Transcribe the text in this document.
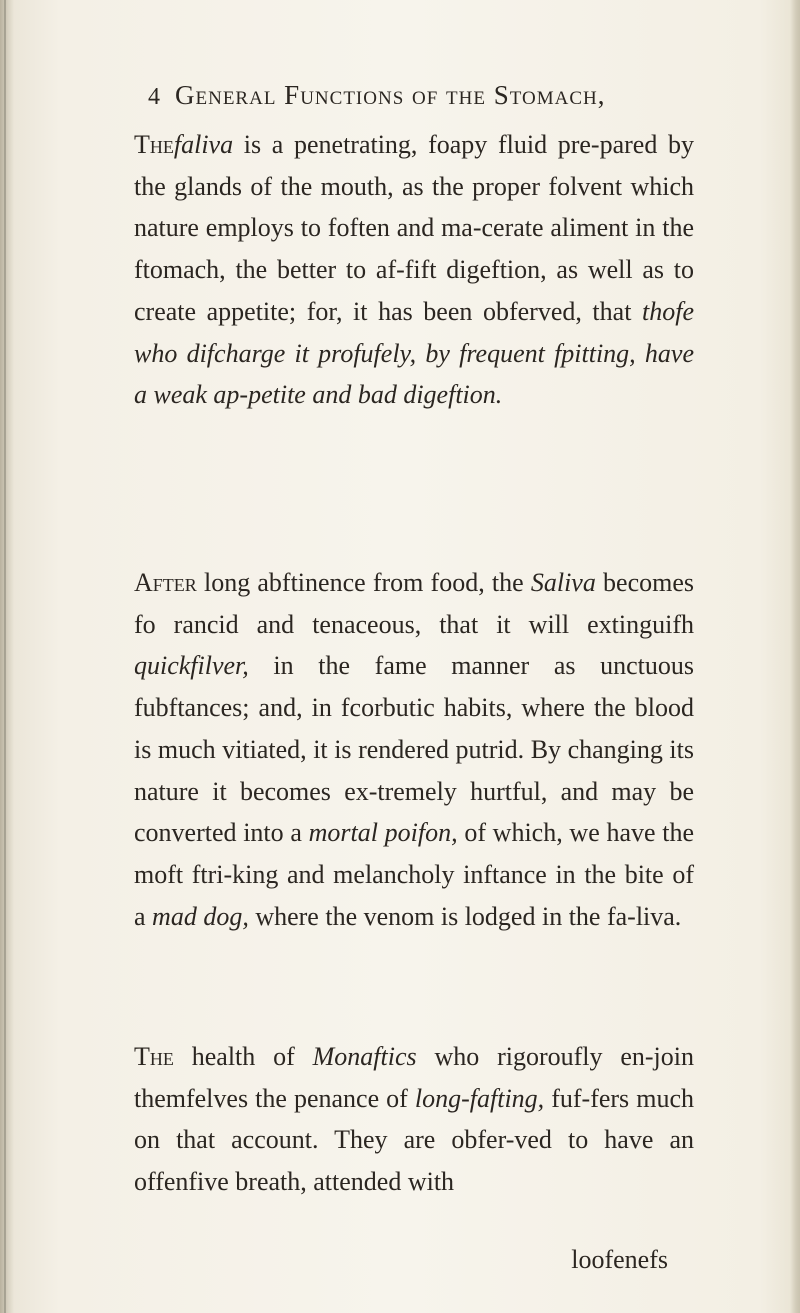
4 General Functions of the Stomach,
Thefaliva is a penetrating, foapy fluid pre-pared by the glands of the mouth, as the proper folvent which nature employs to foften and ma-cerate aliment in the ftomach, the better to af-fift digeftion, as well as to create appetite; for, it has been obferved, that thofe who difcharge it profufely, by frequent fpitting, have a weak ap-petite and bad digeftion.
After long abftinence from food, the Saliva becomes fo rancid and tenaceous, that it will extinguifh quickfilver, in the fame manner as unctuous fubftances; and, in fcorbutic habits, where the blood is much vitiated, it is rendered putrid. By changing its nature it becomes ex-tremely hurtful, and may be converted into a mortal poifon, of which, we have the moft ftri-king and melancholy inftance in the bite of a mad dog, where the venom is lodged in the fa-liva.
The health of Monaftics who rigoroufly en-join themfelves the penance of long-fafting, fuf-fers much on that account. They are obfer-ved to have an offenfive breath, attended with
loofenefs
